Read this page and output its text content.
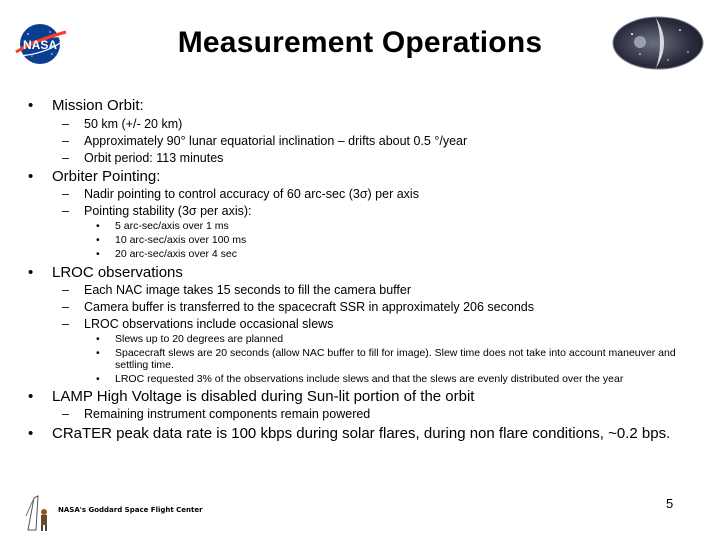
NASA	Measurement Operations
• Mission Orbit:
– 50 km (+/- 20 km)
– Approximately 90° lunar equatorial inclination – drifts about 0.5 °/year
– Orbit period: 113 minutes
• Orbiter Pointing:
– Nadir pointing to control accuracy of 60 arc-sec (3σ) per axis
– Pointing stability (3σ per axis):
• 5 arc-sec/axis over 1 ms
• 10 arc-sec/axis over 100 ms
• 20 arc-sec/axis over 4 sec
• LROC observations
– Each NAC image takes 15 seconds to fill the camera buffer
– Camera buffer is transferred to the spacecraft SSR in approximately 206 seconds
– LROC observations include occasional slews
• Slews up to 20 degrees are planned
• Spacecraft slews are 20 seconds (allow NAC buffer to fill for image). Slew time does not take into account maneuver and settling time.
• LROC requested 3% of the observations include slews and that the slews are evenly distributed over the year
• LAMP High Voltage is disabled during Sun-lit portion of the orbit
– Remaining instrument components remain powered
• CRaTER peak data rate is 100 kbps during solar flares, during non flare conditions, ~0.2 bps.
NASA's Goddard Space Flight Center	5
